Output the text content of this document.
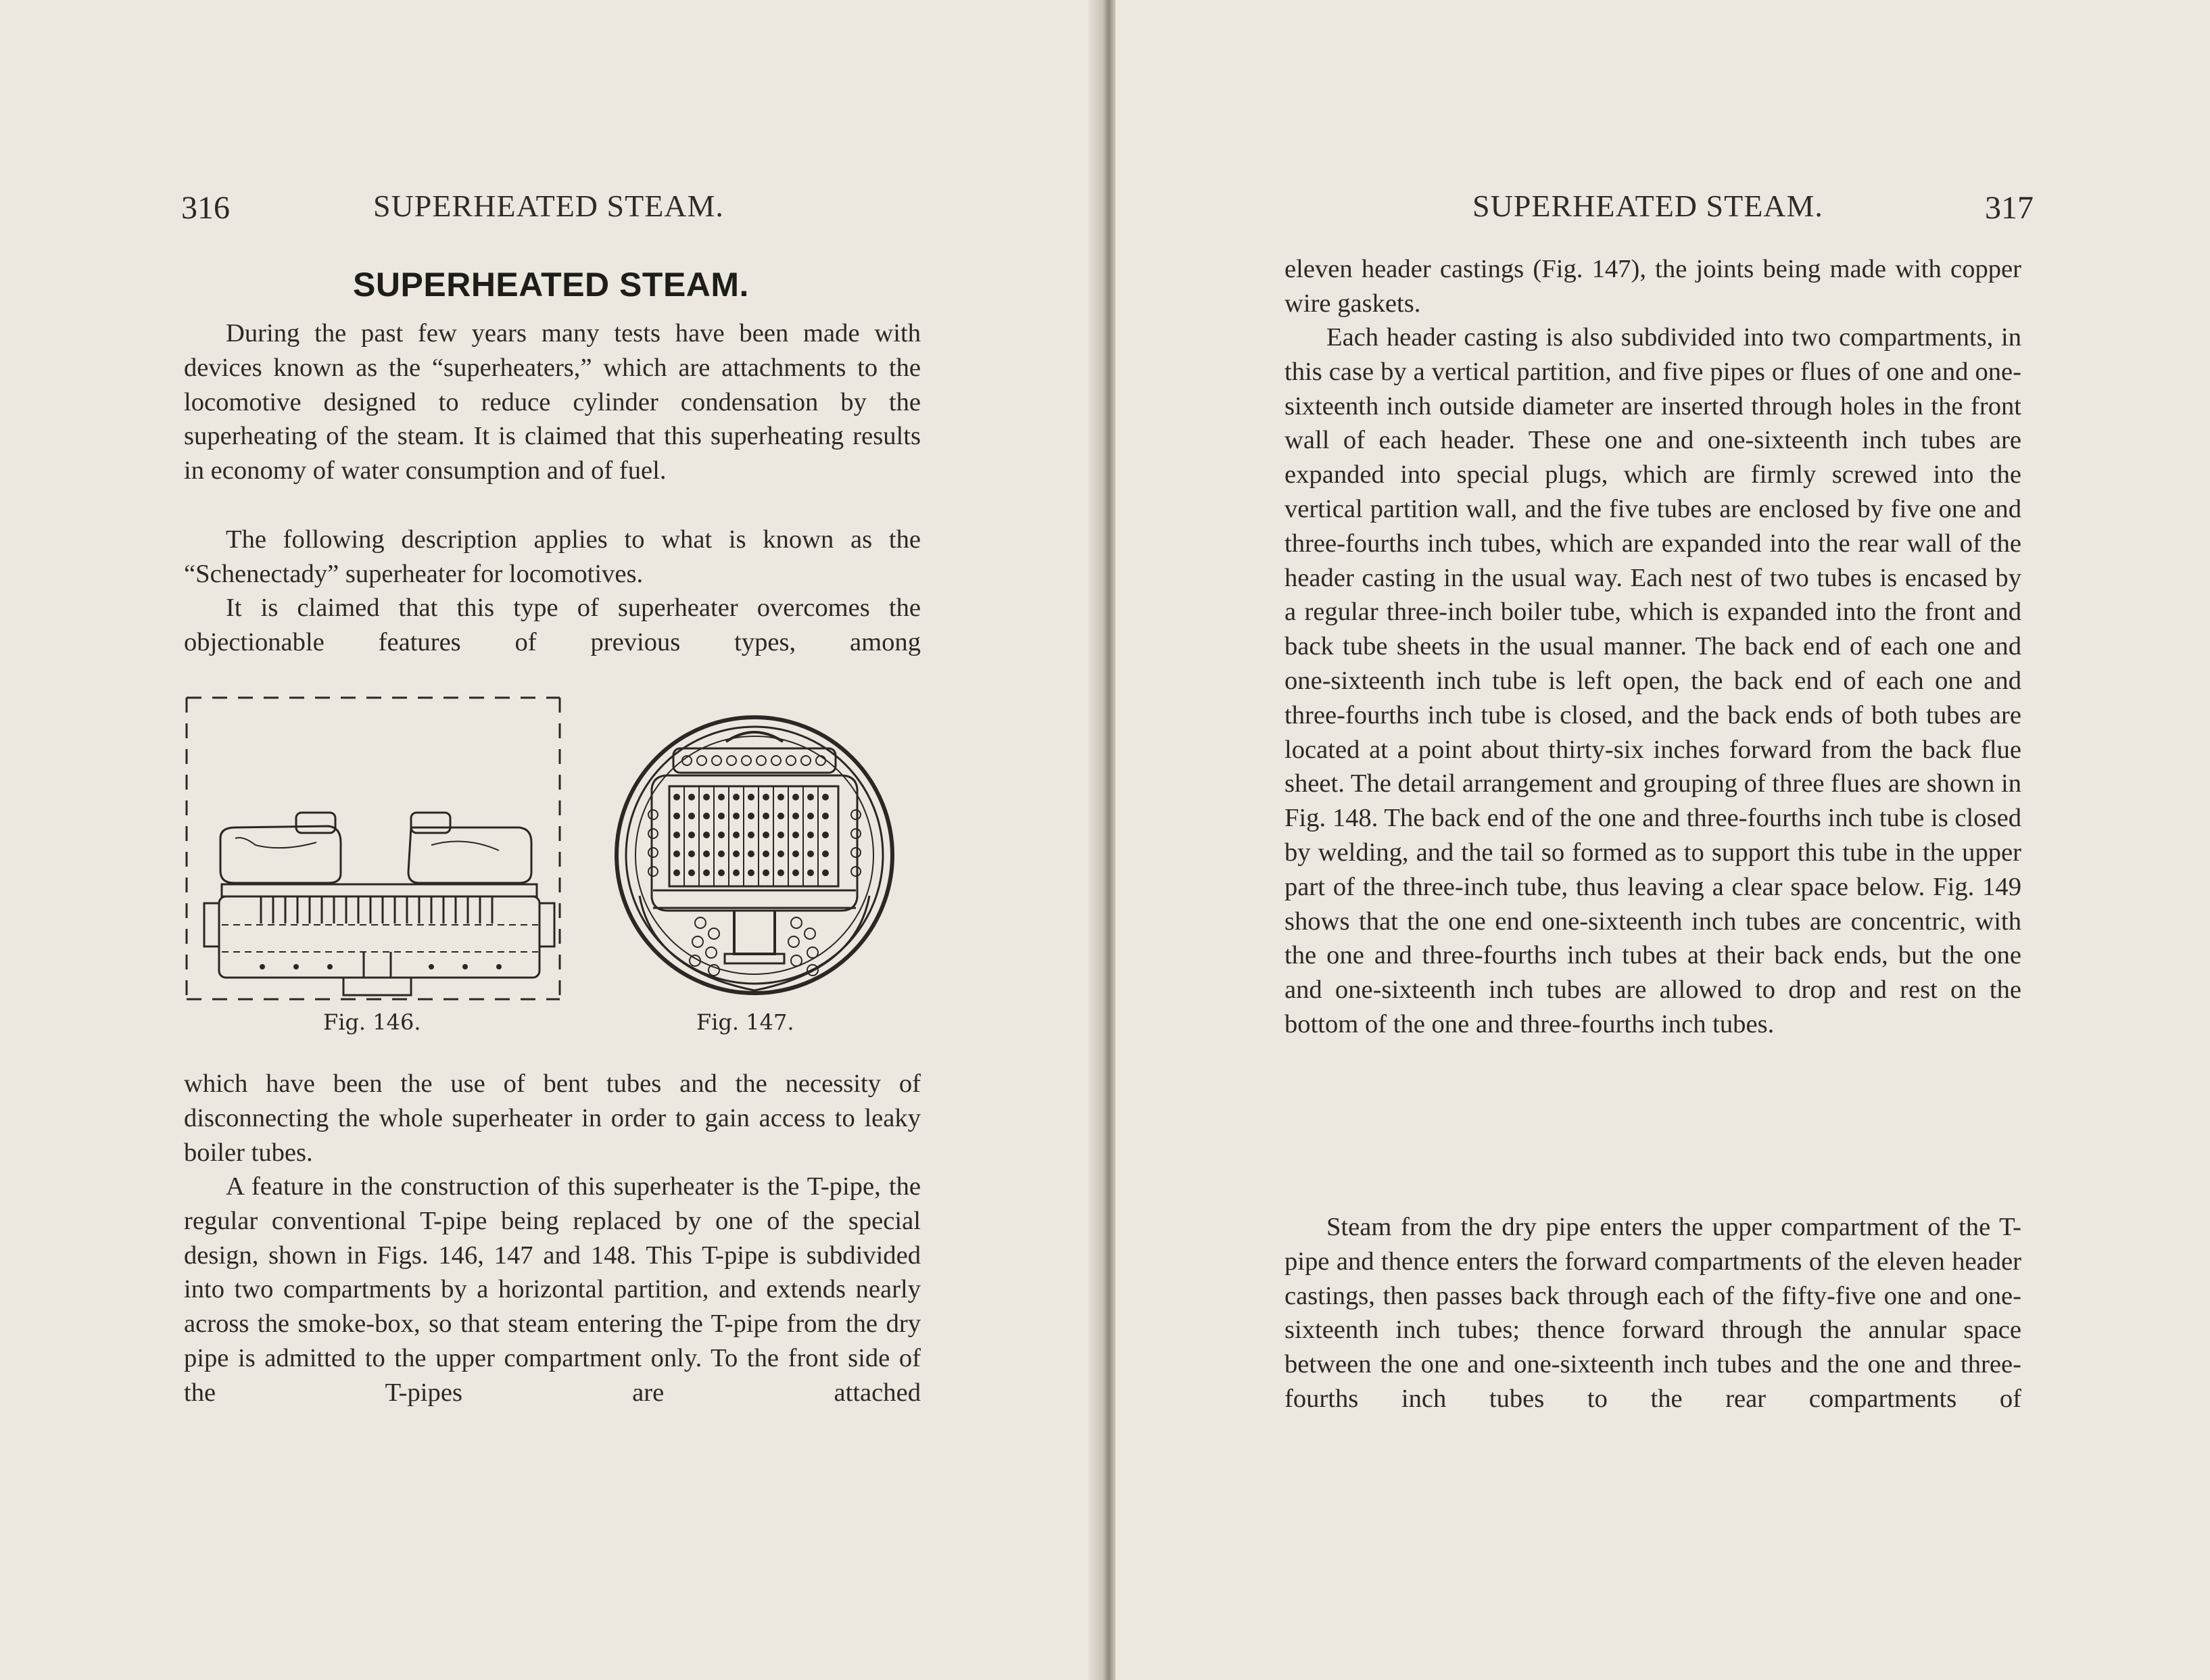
316	SUPERHEATED STEAM.
SUPERHEATED STEAM.
During the past few years many tests have been made with devices known as the “superheaters,” which are attachments to the locomotive designed to reduce cylinder condensation by the superheating of the steam. It is claimed that this superheating results in economy of water consumption and of fuel.
The following description applies to what is known as the “Schenectady” superheater for locomotives.
It is claimed that this type of superheater overcomes the objectionable features of previous types, among
Fig. 146.	Fig. 147.
which have been the use of bent tubes and the necessity of disconnecting the whole superheater in order to gain access to leaky boiler tubes.
A feature in the construction of this superheater is the T-pipe, the regular conventional T-pipe being replaced by one of the special design, shown in Figs. 146, 147 and 148. This T-pipe is subdivided into two compartments by a horizontal partition, and extends nearly across the smoke-box, so that steam entering the T-pipe from the dry pipe is admitted to the upper compartment only. To the front side of the T-pipes are attached
SUPERHEATED STEAM.	317
eleven header castings (Fig. 147), the joints being made with copper wire gaskets.
Each header casting is also subdivided into two compartments, in this case by a vertical partition, and five pipes or flues of one and one-sixteenth inch outside diameter are inserted through holes in the front wall of each header. These one and one-sixteenth inch tubes are expanded into special plugs, which are firmly screwed into the vertical partition wall, and the five tubes are enclosed by five one and three-fourths inch tubes, which are expanded into the rear wall of the header casting in the usual way. Each nest of two tubes is encased by a regular three-inch boiler tube, which is expanded into the front and back tube sheets in the usual manner. The back end of each one and one-sixteenth inch tube is left open, the back end of each one and three-fourths inch tube is closed, and the back ends of both tubes are located at a point about thirty-six inches forward from the back flue sheet. The detail arrangement and grouping of three flues are shown in Fig. 148. The back end of the one and three-fourths inch tube is closed by welding, and the tail so formed as to support this tube in the upper part of the three-inch tube, thus leaving a clear space below. Fig. 149 shows that the one end one-sixteenth inch tubes are concentric, with the one and three-fourths inch tubes at their back ends, but the one and one-sixteenth inch tubes are allowed to drop and rest on the bottom of the one and three-fourths inch tubes.
Steam from the dry pipe enters the upper compartment of the T-pipe and thence enters the forward compartments of the eleven header castings, then passes back through each of the fifty-five one and one-sixteenth inch tubes; thence forward through the annular space between the one and one-sixteenth inch tubes and the one and three-fourths inch tubes to the rear compartments of
